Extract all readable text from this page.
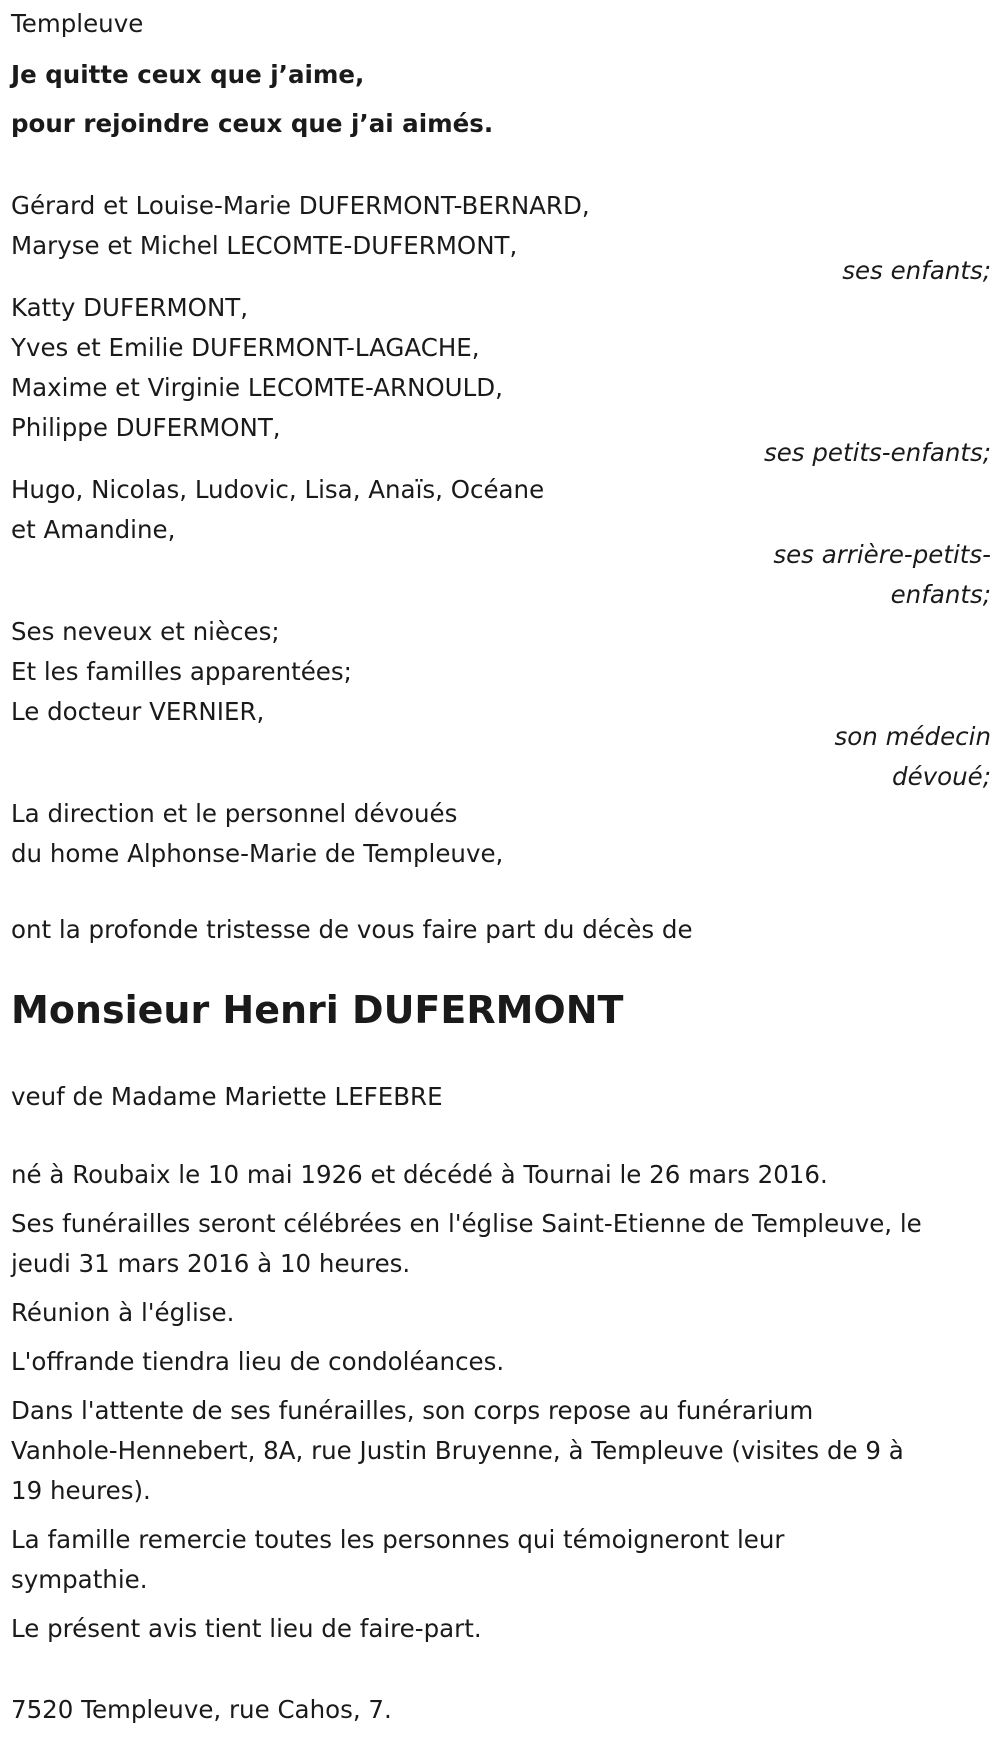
Templeuve
Je quitte ceux que j’aime,
pour rejoindre ceux que j’ai aimés.
Gérard et Louise-Marie DUFERMONT-BERNARD,
Maryse et Michel LECOMTE-DUFERMONT,
ses enfants;
Katty DUFERMONT,
Yves et Emilie DUFERMONT-LAGACHE,
Maxime et Virginie LECOMTE-ARNOULD,
Philippe DUFERMONT,
ses petits-enfants;
Hugo, Nicolas, Ludovic, Lisa, Anaïs, Océane
et Amandine,
ses arrière-petits-
enfants;
Ses neveux et nièces;
Et les familles apparentées;
Le docteur VERNIER,
son médecin
dévoué;
La direction et le personnel dévoués
du home Alphonse-Marie de Templeuve,
ont la profonde tristesse de vous faire part du décès de
Monsieur Henri DUFERMONT
veuf de Madame Mariette LEFEBRE
né à Roubaix le 10 mai 1926 et décédé à Tournai le 26 mars 2016.
Ses funérailles seront célébrées en l'église Saint-Etienne de Templeuve, le
jeudi 31 mars 2016 à 10 heures.
Réunion à l'église.
L'offrande tiendra lieu de condoléances.
Dans l'attente de ses funérailles, son corps repose au funérarium
Vanhole-Hennebert, 8A, rue Justin Bruyenne, à Templeuve (visites de 9 à
19 heures).
La famille remercie toutes les personnes qui témoigneront leur
sympathie.
Le présent avis tient lieu de faire-part.
7520 Templeuve, rue Cahos, 7.
